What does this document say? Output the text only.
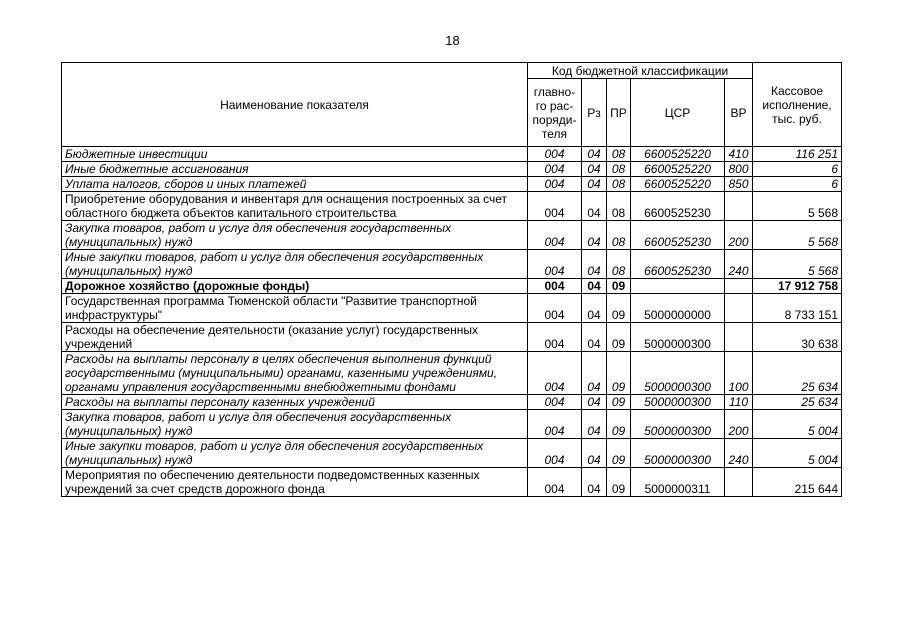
18
Наименование показателя	Код бюджетной классификации					Кассовое исполнение, тыс. руб.
	главно-го рас-поряди-теля	Рз	ПР	ЦСР	ВР	
Бюджетные инвестиции	004	04	08	6600525220	410	116 251
Иные бюджетные ассигнования	004	04	08	6600525220	800	6
Уплата налогов, сборов и иных платежей	004	04	08	6600525220	850	6
Приобретение оборудования и инвентаря для оснащения построенных за счет областного бюджета объектов капитального строительства	004	04	08	6600525230		5 568
Закупка товаров, работ и услуг для обеспечения государственных (муниципальных) нужд	004	04	08	6600525230	200	5 568
Иные закупки товаров, работ и услуг для обеспечения государственных (муниципальных) нужд	004	04	08	6600525230	240	5 568
Дорожное хозяйство (дорожные фонды)	004	04	09			17 912 758
Государственная программа Тюменской области "Развитие транспортной инфраструктуры"	004	04	09	5000000000		8 733 151
Расходы на обеспечение деятельности (оказание услуг) государственных учреждений	004	04	09	5000000300		30 638
Расходы на выплаты персоналу в целях обеспечения выполнения функций государственными (муниципальными) органами, казенными учреждениями, органами управления государственными внебюджетными фондами	004	04	09	5000000300	100	25 634
Расходы на выплаты персоналу казенных учреждений	004	04	09	5000000300	110	25 634
Закупка товаров, работ и услуг для обеспечения государственных (муниципальных) нужд	004	04	09	5000000300	200	5 004
Иные закупки товаров, работ и услуг для обеспечения государственных (муниципальных) нужд	004	04	09	5000000300	240	5 004
Мероприятия по обеспечению деятельности подведомственных казенных учреждений за счет средств дорожного фонда	004	04	09	5000000311		215 644
